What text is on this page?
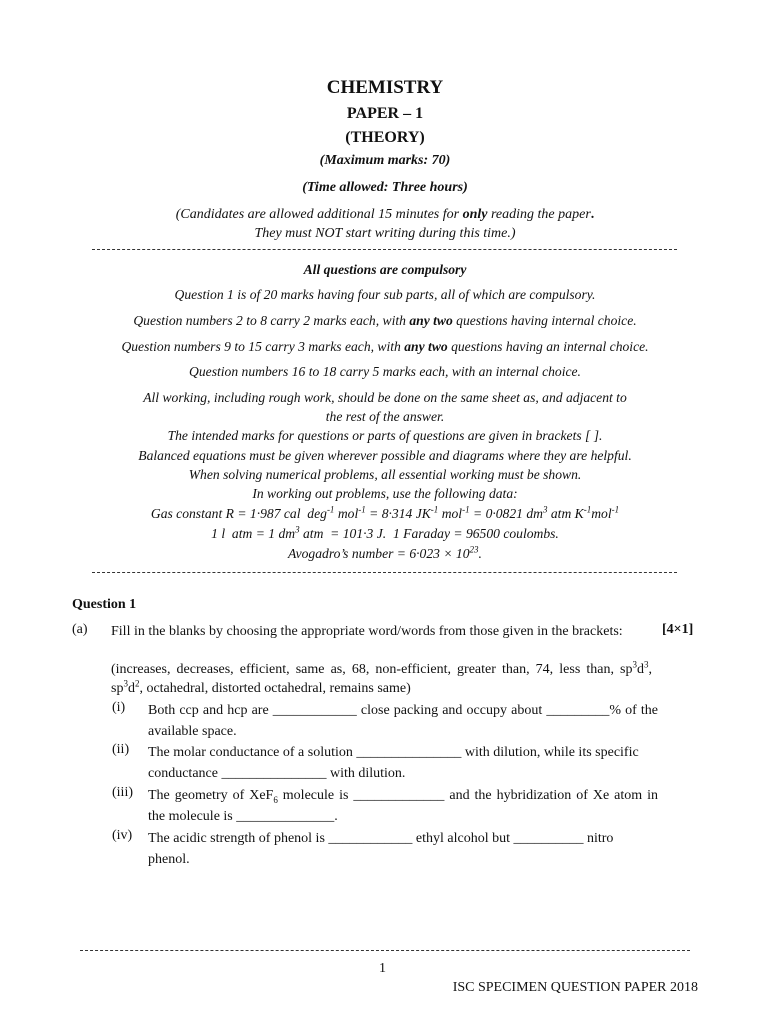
CHEMISTRY
PAPER – 1
(THEORY)
(Maximum marks: 70)
(Time allowed: Three hours)
(Candidates are allowed additional 15 minutes for only reading the paper.
They must NOT start writing during this time.)
All questions are compulsory
Question 1 is of 20 marks having four sub parts, all of which are compulsory.
Question numbers 2 to 8 carry 2 marks each, with any two questions having internal choice.
Question numbers 9 to 15 carry 3 marks each, with any two questions having an internal choice.
Question numbers 16 to 18 carry 5 marks each, with an internal choice.
All working, including rough work, should be done on the same sheet as, and adjacent to
the rest of the answer.
The intended marks for questions or parts of questions are given in brackets [ ].
Balanced equations must be given wherever possible and diagrams where they are helpful.
When solving numerical problems, all essential working must be shown.
In working out problems, use the following data:
Gas constant R = 1·987 cal  deg$^{-1}$ mol$^{-1}$ = 8·314 $JK^{-1}$ mol$^{-1}$ = 0·0821 $dm^3$ atm $K^{-1}mol^{-1}$
1 l  atm = 1 $dm^3$ atm  = 101·3 J.  1 Faraday = 96500 coulombs.
Avogadro’s number = $6\cdot 023 \times 10^{23}$.
Question 1
(a)	[4×1]
Fill in the blanks by choosing the appropriate word/words from those given in the brackets:
(increases, decreases, efficient, same as, 68, non-efficient, greater than, 74, less than, $sp^3d^3$, $sp^3d^2$, octahedral, distorted octahedral, remains same)
(i) Both ccp and hcp are ____________ close packing and occupy about _________% of the available space.
(ii) The molar conductance of a solution _______________ with dilution, while its specific conductance _______________ with dilution.
(iii) The geometry of XeF$_6$ molecule is _____________ and the hybridization of Xe atom in the molecule is ______________.
(iv) The acidic strength of phenol is ____________ ethyl alcohol but __________ nitro phenol.
1
ISC SPECIMEN QUESTION PAPER 2018
